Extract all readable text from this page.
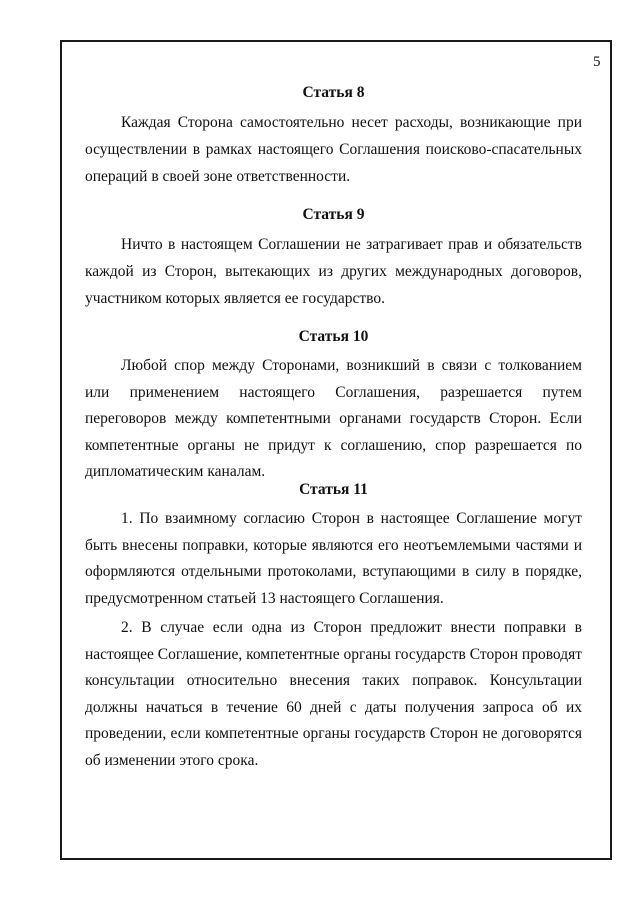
5
Статья 8

Каждая Сторона самостоятельно несет расходы, возникающие при осуществлении в рамках настоящего Соглашения поисково-спасательных операций в своей зоне ответственности.

Статья 9

Ничто в настоящем Соглашении не затрагивает прав и обязательств каждой из Сторон, вытекающих из других международных договоров, участником которых является ее государство.

Статья 10

Любой спор между Сторонами, возникший в связи с толкованием или применением настоящего Соглашения, разрешается путем переговоров между компетентными органами государств Сторон. Если компетентные органы не придут к соглашению, спор разрешается по дипломатическим каналам.

Статья 11

1. По взаимному согласию Сторон в настоящее Соглашение могут быть внесены поправки, которые являются его неотъемлемыми частями и оформляются отдельными протоколами, вступающими в силу в порядке, предусмотренном статьей 13 настоящего Соглашения.

2. В случае если одна из Сторон предложит внести поправки в настоящее Соглашение, компетентные органы государств Сторон проводят консультации относительно внесения таких поправок. Консультации должны начаться в течение 60 дней с даты получения запроса об их проведении, если компетентные органы государств Сторон не договорятся об изменении этого срока.
